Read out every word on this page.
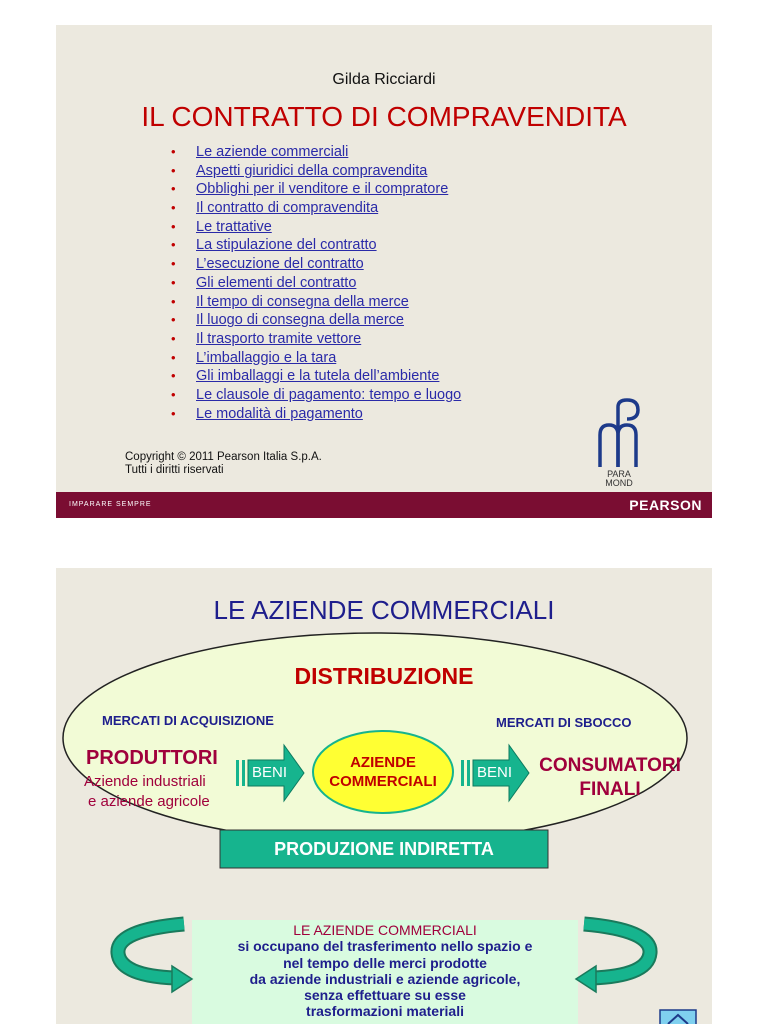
Gilda Ricciardi
IL CONTRATTO DI COMPRAVENDITA
• Le aziende commerciali
• Aspetti giuridici della compravendita
• Obblighi per il venditore e il compratore
• Il contratto di compravendita
• Le trattative
• La stipulazione del contratto
• L’esecuzione del contratto
• Gli elementi del contratto
• Il tempo di consegna della merce
• Il luogo di consegna della merce
• Il trasporto tramite vettore
• L’imballaggio e la tara
• Gli imballaggi e la tutela dell’ambiente
• Le clausole di pagamento: tempo e luogo
• Le modalità di pagamento
Copyright © 2011 Pearson Italia S.p.A.
Tutti i diritti riservati	PARA
MOND
IMPARARE SEMPRE	PEARSON
LE AZIENDE COMMERCIALI
DISTRIBUZIONE
MERCATI DI ACQUISIZIONE	MERCATI DI SBOCCO
PRODUTTORI
Aziende industriali
e aziende agricole
BENI	BENI
AZIENDE
COMMERCIALI
CONSUMATORI
FINALI
PRODUZIONE INDIRETTA
LE AZIENDE COMMERCIALI
si occupano del trasferimento nello spazio e
nel tempo delle merci prodotte
da aziende industriali e aziende agricole,
senza effettuare su esse
trasformazioni materiali
